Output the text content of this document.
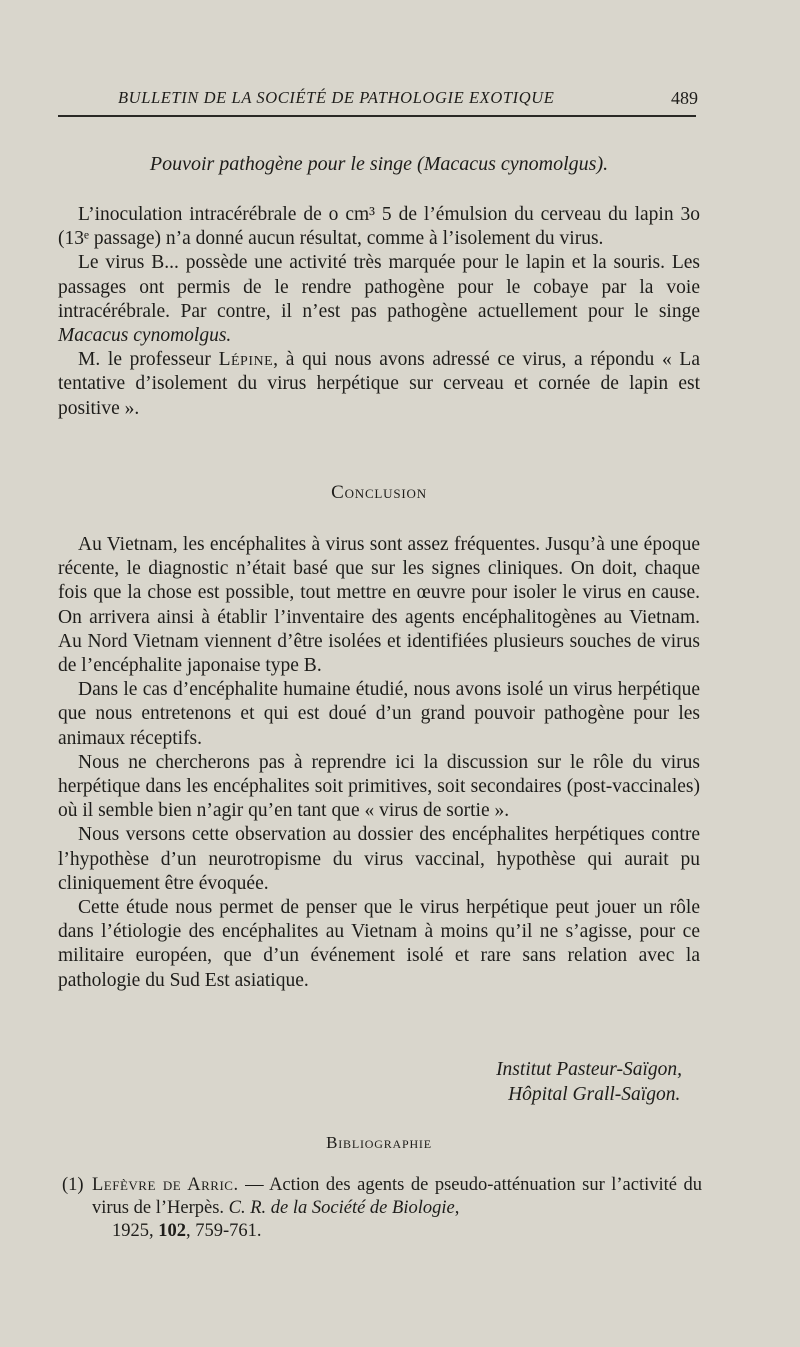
BULLETIN DE LA SOCIÉTÉ DE PATHOLOGIE EXOTIQUE	489
Pouvoir pathogène pour le singe (Macacus cynomolgus).

L’inoculation intracérébrale de o cm³ 5 de l’émulsion du cerveau du lapin 3o (13ᵉ passage) n’a donné aucun résultat, comme à l’isolement du virus.

Le virus B... possède une activité très marquée pour le lapin et la souris. Les passages ont permis de le rendre pathogène pour le cobaye par la voie intracérébrale. Par contre, il n’est pas pathogène actuellement pour le singe Macacus cynomolgus.

M. le professeur Lépine, à qui nous avons adressé ce virus, a répondu « La tentative d’isolement du virus herpétique sur cerveau et cornée de lapin est positive ».

Conclusion

Au Vietnam, les encéphalites à virus sont assez fréquentes. Jusqu’à une époque récente, le diagnostic n’était basé que sur les signes cliniques. On doit, chaque fois que la chose est possible, tout mettre en œuvre pour isoler le virus en cause. On arrivera ainsi à établir l’inventaire des agents encéphalitogènes au Vietnam. Au Nord Vietnam viennent d’être isolées et identifiées plusieurs souches de virus de l’encéphalite japonaise type B.

Dans le cas d’encéphalite humaine étudié, nous avons isolé un virus herpétique que nous entretenons et qui est doué d’un grand pouvoir pathogène pour les animaux réceptifs.

Nous ne chercherons pas à reprendre ici la discussion sur le rôle du virus herpétique dans les encéphalites soit primitives, soit secondaires (post-vaccinales) où il semble bien n’agir qu’en tant que « virus de sortie ».

Nous versons cette observation au dossier des encéphalites herpétiques contre l’hypothèse d’un neurotropisme du virus vaccinal, hypothèse qui aurait pu cliniquement être évoquée.

Cette étude nous permet de penser que le virus herpétique peut jouer un rôle dans l’étiologie des encéphalites au Vietnam à moins qu’il ne s’agisse, pour ce militaire européen, que d’un événement isolé et rare sans relation avec la pathologie du Sud Est asiatique.

Institut Pasteur-Saïgon,
Hôpital Grall-Saïgon.
Bibliographie
(1) Lefèvre de Arric. — Action des agents de pseudo-atténuation sur l’activité du virus de l’Herpès. C. R. de la Société de Biologie,
1925, 102, 759-761.
